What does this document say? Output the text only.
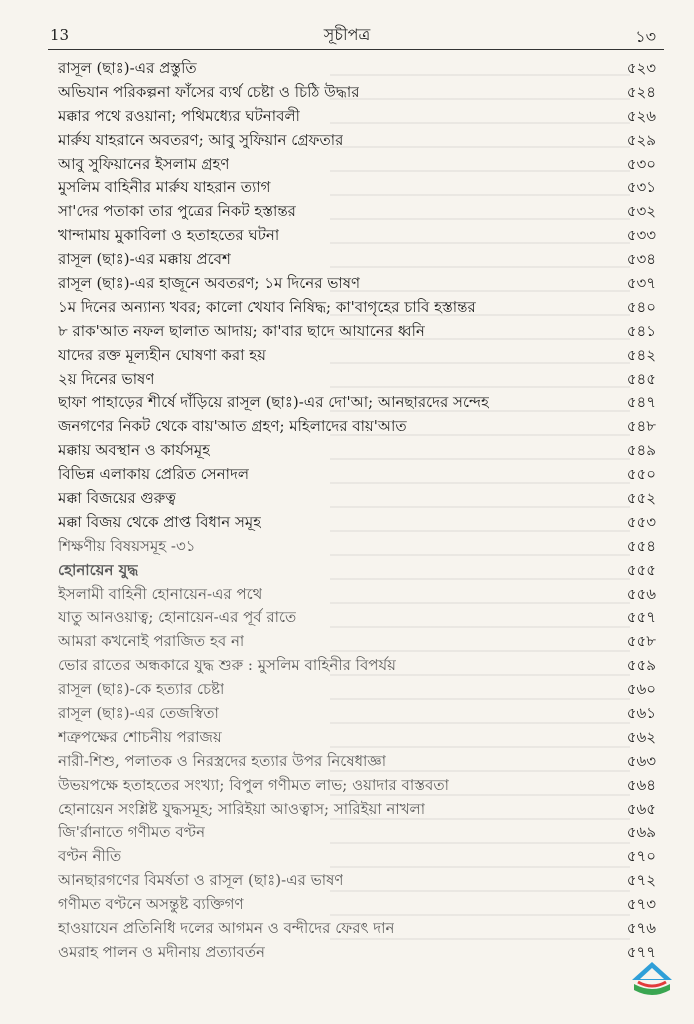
13	সূচীপত্র	১৩
রাসূল (ছাঃ)-এর প্রস্তুতি	৫২৩
অভিযান পরিকল্পনা ফাঁসের ব্যর্থ চেষ্টা ও চিঠি উদ্ধার	৫২৪
মক্কার পথে রওয়ানা; পথিমধ্যের ঘটনাবলী	৫২৬
মার্রুয যাহরানে অবতরণ; আবু সুফিয়ান গ্রেফতার	৫২৯
আবু সুফিয়ানের ইসলাম গ্রহণ	৫৩০
মুসলিম বাহিনীর মার্রুয যাহরান ত্যাগ	৫৩১
সা'দের পতাকা তার পুত্রের নিকট হস্তান্তর	৫৩২
খান্দামায় মুকাবিলা ও হতাহতের ঘটনা	৫৩৩
রাসূল (ছাঃ)-এর মক্কায় প্রবেশ	৫৩৪
রাসূল (ছাঃ)-এর হাজূনে অবতরণ; ১ম দিনের ভাষণ	৫৩৭
১ম দিনের অন্যান্য খবর; কালো খেযাব নিষিদ্ধ; কা'বাগৃহের চাবি হস্তান্তর	৫৪০
৮ রাক'আত নফল ছালাত আদায়; কা'বার ছাদে আযানের ধ্বনি	৫৪১
যাদের রক্ত মূল্যহীন ঘোষণা করা হয়	৫৪২
২য় দিনের ভাষণ	৫৪৫
ছাফা পাহাড়ের শীর্ষে দাঁড়িয়ে রাসূল (ছাঃ)-এর দো'আ; আনছারদের সন্দেহ	৫৪৭
জনগণের নিকট থেকে বায়'আত গ্রহণ; মহিলাদের বায়'আত	৫৪৮
মক্কায় অবস্থান ও কার্যসমূহ	৫৪৯
বিভিন্ন এলাকায় প্রেরিত সেনাদল	৫৫০
মক্কা বিজয়ের গুরুত্ব	৫৫২
মক্কা বিজয় থেকে প্রাপ্ত বিধান সমূহ	৫৫৩
শিক্ষণীয় বিষয়সমূহ -৩১	৫৫৪
হোনায়েন যুদ্ধ	৫৫৫
ইসলামী বাহিনী হোনায়েন-এর পথে	৫৫৬
যাতু আনওয়াত্ব; হোনায়েন-এর পূর্ব রাতে	৫৫৭
আমরা কখনোই পরাজিত হব না	৫৫৮
ভোর রাতের অন্ধকারে যুদ্ধ শুরু : মুসলিম বাহিনীর বিপর্যয়	৫৫৯
রাসূল (ছাঃ)-কে হত্যার চেষ্টা	৫৬০
রাসূল (ছাঃ)-এর তেজস্বিতা	৫৬১
শত্রুপক্ষের শোচনীয় পরাজয়	৫৬২
নারী-শিশু, পলাতক ও নিরস্ত্রদের হত্যার উপর নিষেধাজ্ঞা	৫৬৩
উভয়পক্ষে হতাহতের সংখ্যা; বিপুল গণীমত লাভ; ওয়াদার বাস্তবতা	৫৬৪
হোনায়েন সংশ্লিষ্ট যুদ্ধসমূহ; সারিইয়া আওত্বাস; সারিইয়া নাখলা	৫৬৫
জি'র্রানাতে গণীমত বণ্টন	৫৬৯
বণ্টন নীতি	৫৭০
আনছারগণের বিমর্ষতা ও রাসূল (ছাঃ)-এর ভাষণ	৫৭২
গণীমত বণ্টনে অসন্তুষ্ট ব্যক্তিগণ	৫৭৩
হাওয়াযেন প্রতিনিধি দলের আগমন ও বন্দীদের ফেরৎ দান	৫৭৬
ওমরাহ পালন ও মদীনায় প্রত্যাবর্তন	৫৭৭
